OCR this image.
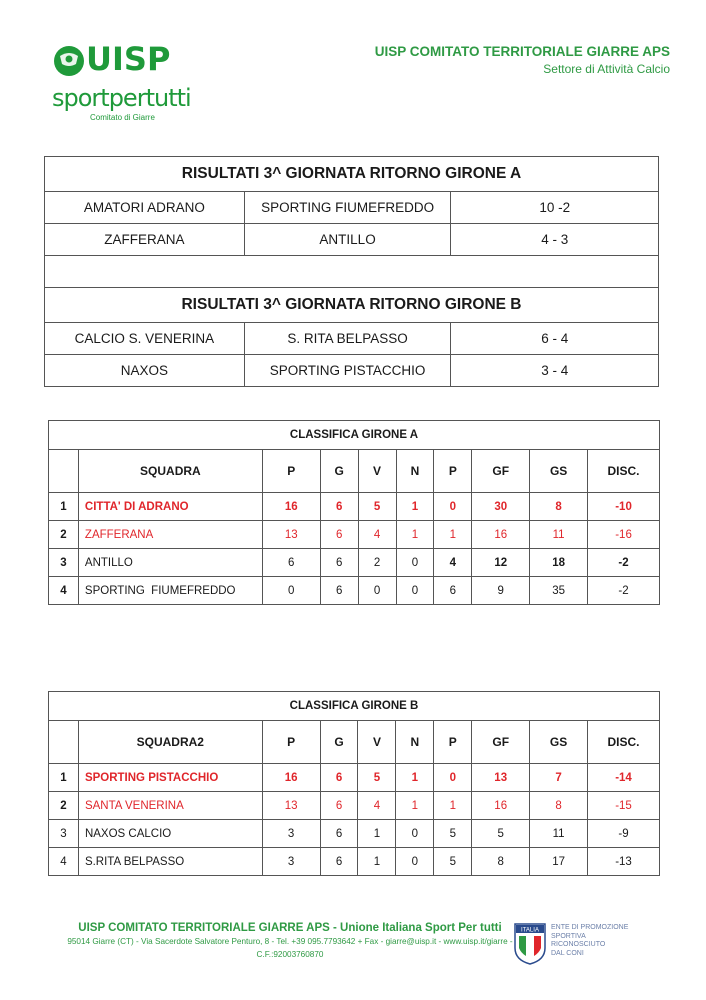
UISP
sportpertutti
Comitato di Giarre
UISP COMITATO TERRITORIALE GIARRE APS
Settore di Attività Calcio
RISULTATI 3^ GIORNATA RITORNO GIRONE A		
AMATORI ADRANO	SPORTING FIUMEFREDDO	10 -2
ZAFFERANA	ANTILLO	4 - 3

RISULTATI 3^ GIORNATA RITORNO GIRONE B		
CALCIO S. VENERINA	S. RITA BELPASSO	6 - 4
NAXOS	SPORTING PISTACCHIO	3 - 4
CLASSIFICA GIRONE A									
	SQUADRA	P	G	V	N	P	GF	GS	DISC.
1	CITTA' DI ADRANO	16	6	5	1	0	30	8	-10
2	ZAFFERANA	13	6	4	1	1	16	11	-16
3	ANTILLO	6	6	2	0	4	12	18	-2
4	SPORTING  FIUMEFREDDO	0	6	0	0	6	9	35	-2
CLASSIFICA GIRONE B									
	SQUADRA2	P	G	V	N	P	GF	GS	DISC.
1	SPORTING PISTACCHIO	16	6	5	1	0	13	7	-14
2	SANTA VENERINA	13	6	4	1	1	16	8	-15
3	NAXOS CALCIO	3	6	1	0	5	5	11	-9
4	S.RITA BELPASSO	3	6	1	0	5	8	17	-13
UISP COMITATO TERRITORIALE GIARRE APS - Unione Italiana Sport Per tutti
95014 Giarre (CT) - Via Sacerdote Salvatore Penturo, 8 - Tel. +39 095.7793642 + Fax - giarre@uisp.it - www.uisp.it/giarre -
C.F.:92003760870
ITALIA ENTE DI PROMOZIONE
SPORTIVA
RICONOSCIUTO
DAL CONI
